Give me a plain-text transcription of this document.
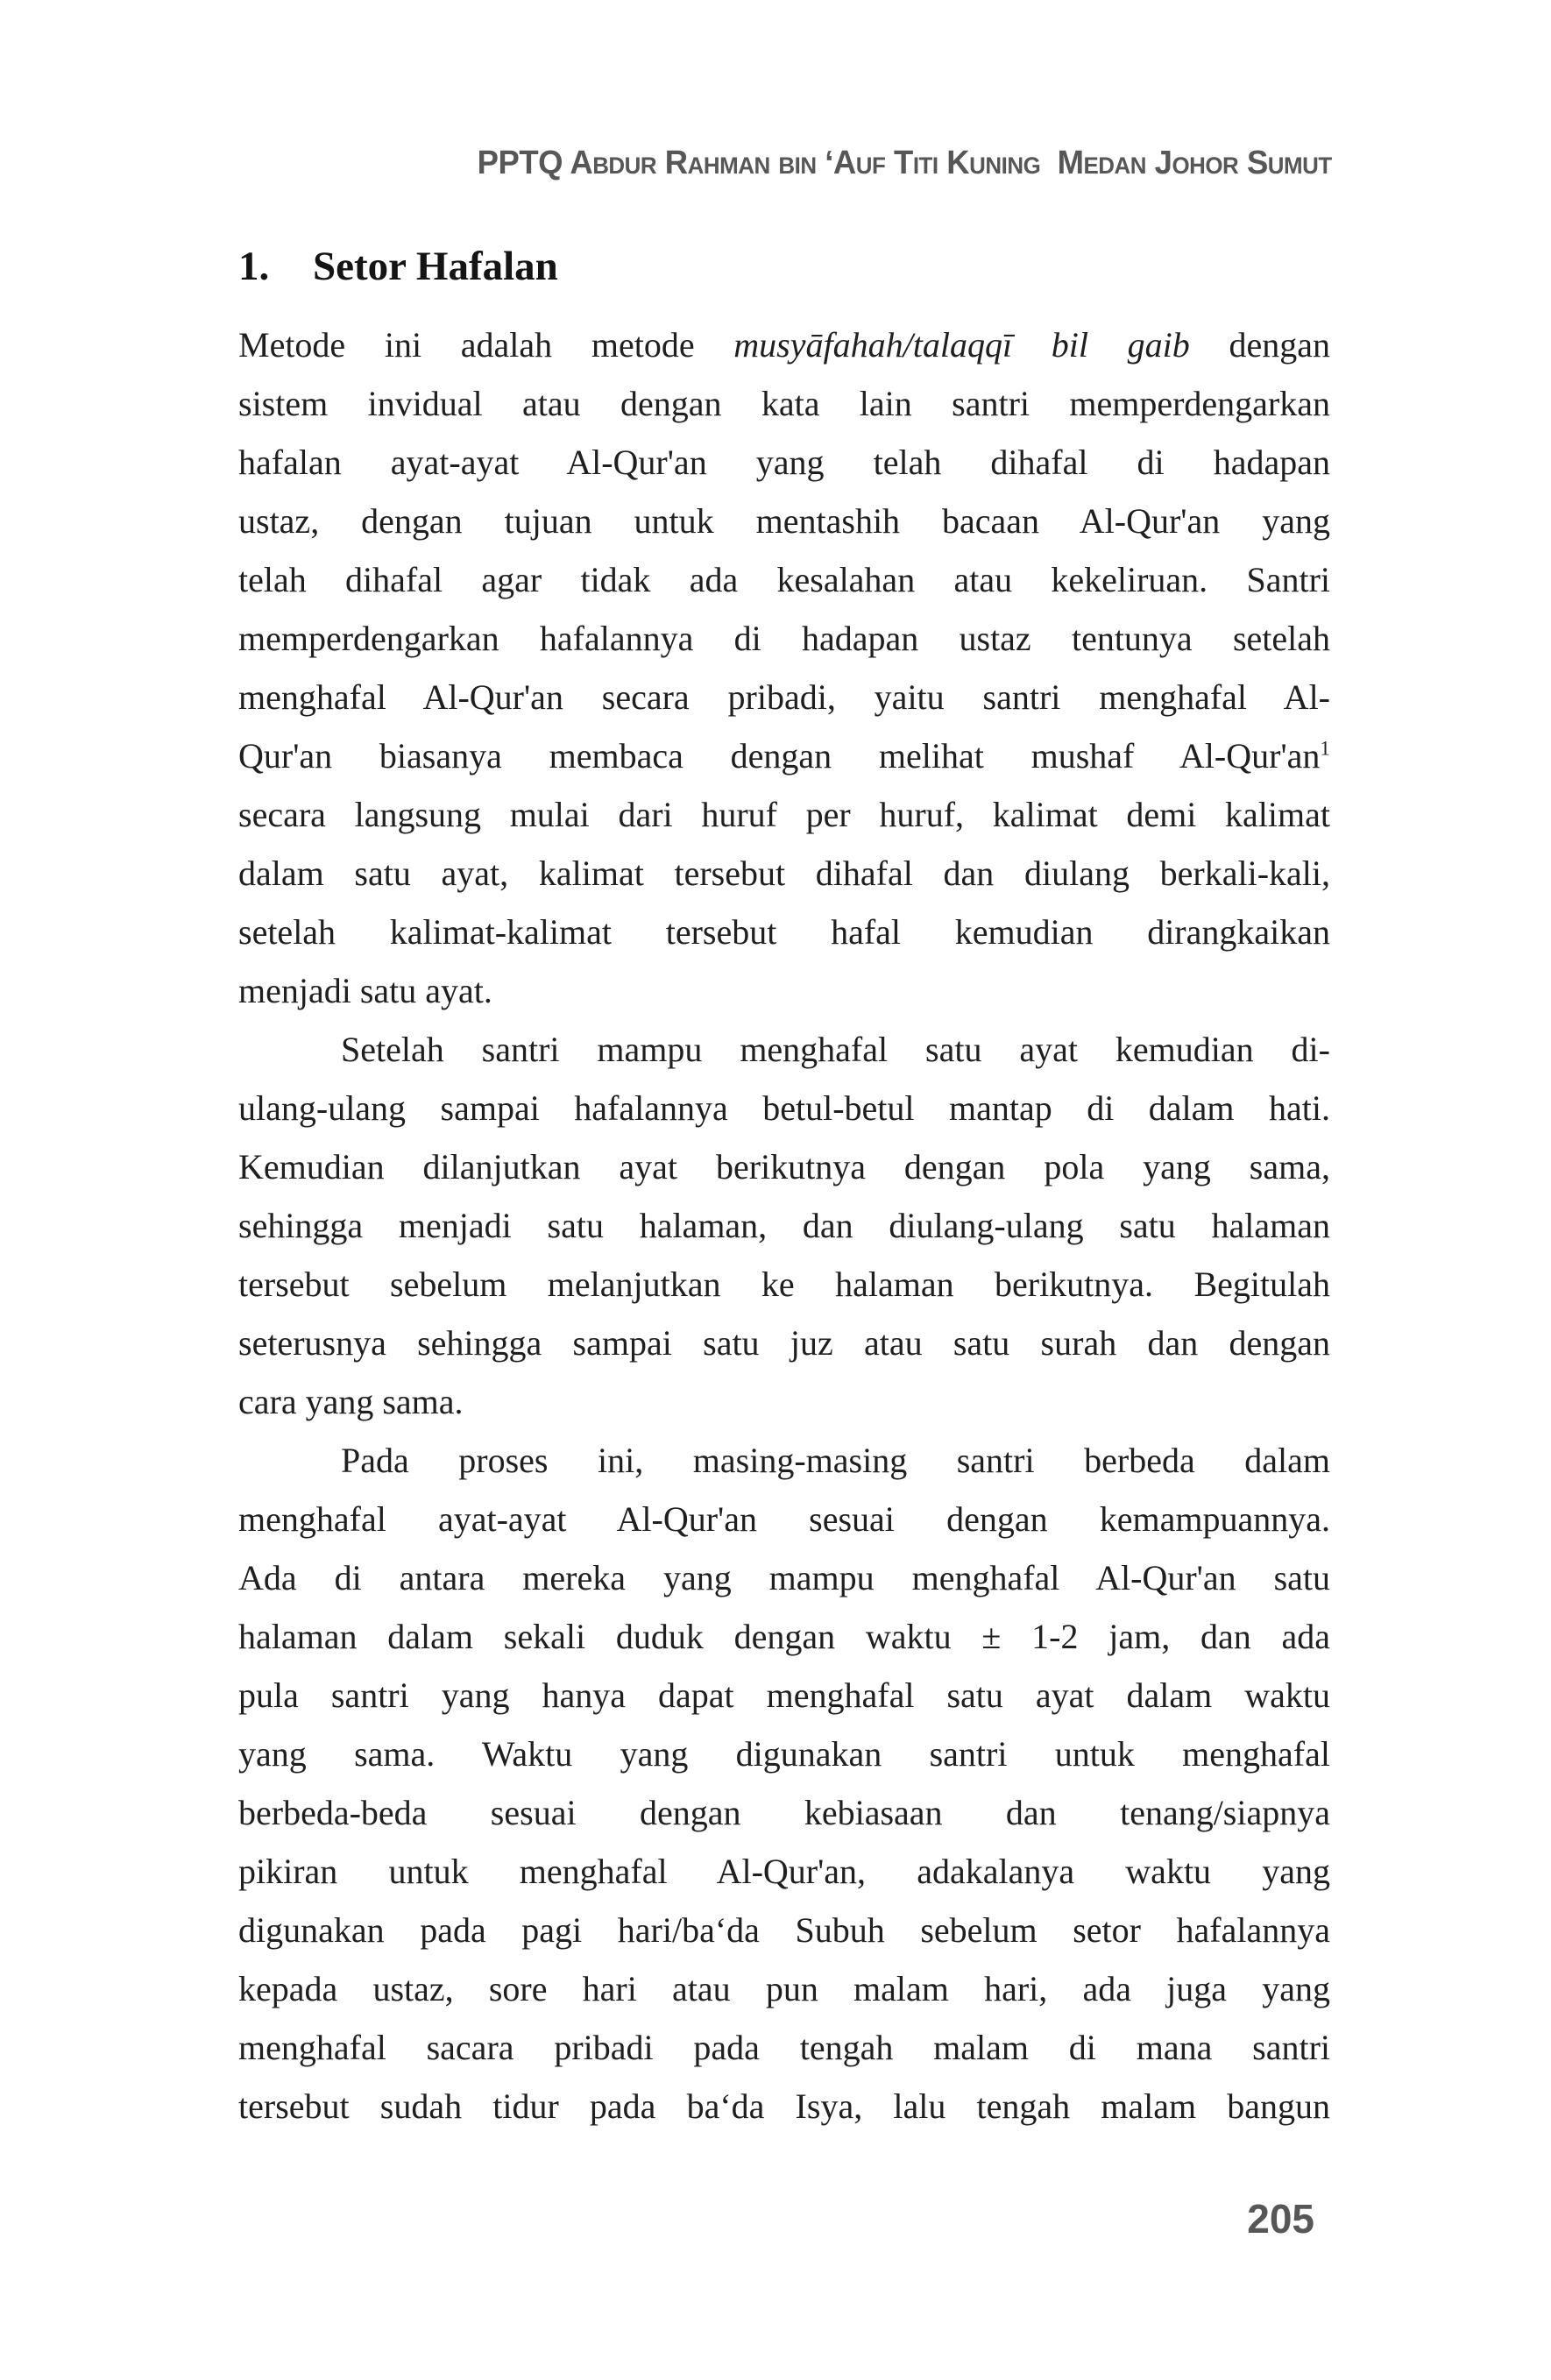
PPTQ Abdur Rahman bin ‘Auf Titi Kuning  Medan Johor Sumut
1. Setor Hafalan
Metode ini adalah metode musyāfahah/talaqqī bil gaib dengan
sistem invidual atau dengan kata lain santri memperdengarkan
hafalan ayat-ayat Al-Qur'an yang telah dihafal di hadapan
ustaz, dengan tujuan untuk mentashih bacaan Al-Qur'an yang
telah dihafal agar tidak ada kesalahan atau kekeliruan. Santri
memperdengarkan hafalannya di hadapan ustaz tentunya setelah
menghafal Al-Qur'an secara pribadi, yaitu santri menghafal Al-
Qur'an biasanya membaca dengan melihat mushaf $Al-Qur'an^1$
secara langsung mulai dari huruf per huruf, kalimat demi kalimat
dalam satu ayat, kalimat tersebut dihafal dan diulang berkali-kali,
setelah kalimat-kalimat tersebut hafal kemudian dirangkaikan
menjadi satu ayat.
Setelah santri mampu menghafal satu ayat kemudian di-
ulang-ulang sampai hafalannya betul-betul mantap di dalam hati.
Kemudian dilanjutkan ayat berikutnya dengan pola yang sama,
sehingga menjadi satu halaman, dan diulang-ulang satu halaman
tersebut sebelum melanjutkan ke halaman berikutnya. Begitulah
seterusnya sehingga sampai satu juz atau satu surah dan dengan
cara yang sama.
Pada proses ini, masing-masing santri berbeda dalam
menghafal ayat-ayat Al-Qur'an sesuai dengan kemampuannya.
Ada di antara mereka yang mampu menghafal Al-Qur'an satu
halaman dalam sekali duduk dengan waktu ± 1-2 jam, dan ada
pula santri yang hanya dapat menghafal satu ayat dalam waktu
yang sama. Waktu yang digunakan santri untuk menghafal
berbeda-beda sesuai dengan kebiasaan dan tenang/siapnya
pikiran untuk menghafal Al-Qur'an, adakalanya waktu yang
digunakan pada pagi hari/ba‘da Subuh sebelum setor hafalannya
kepada ustaz, sore hari atau pun malam hari, ada juga yang
menghafal sacara pribadi pada tengah malam di mana santri
tersebut sudah tidur pada ba‘da Isya, lalu tengah malam bangun
205
